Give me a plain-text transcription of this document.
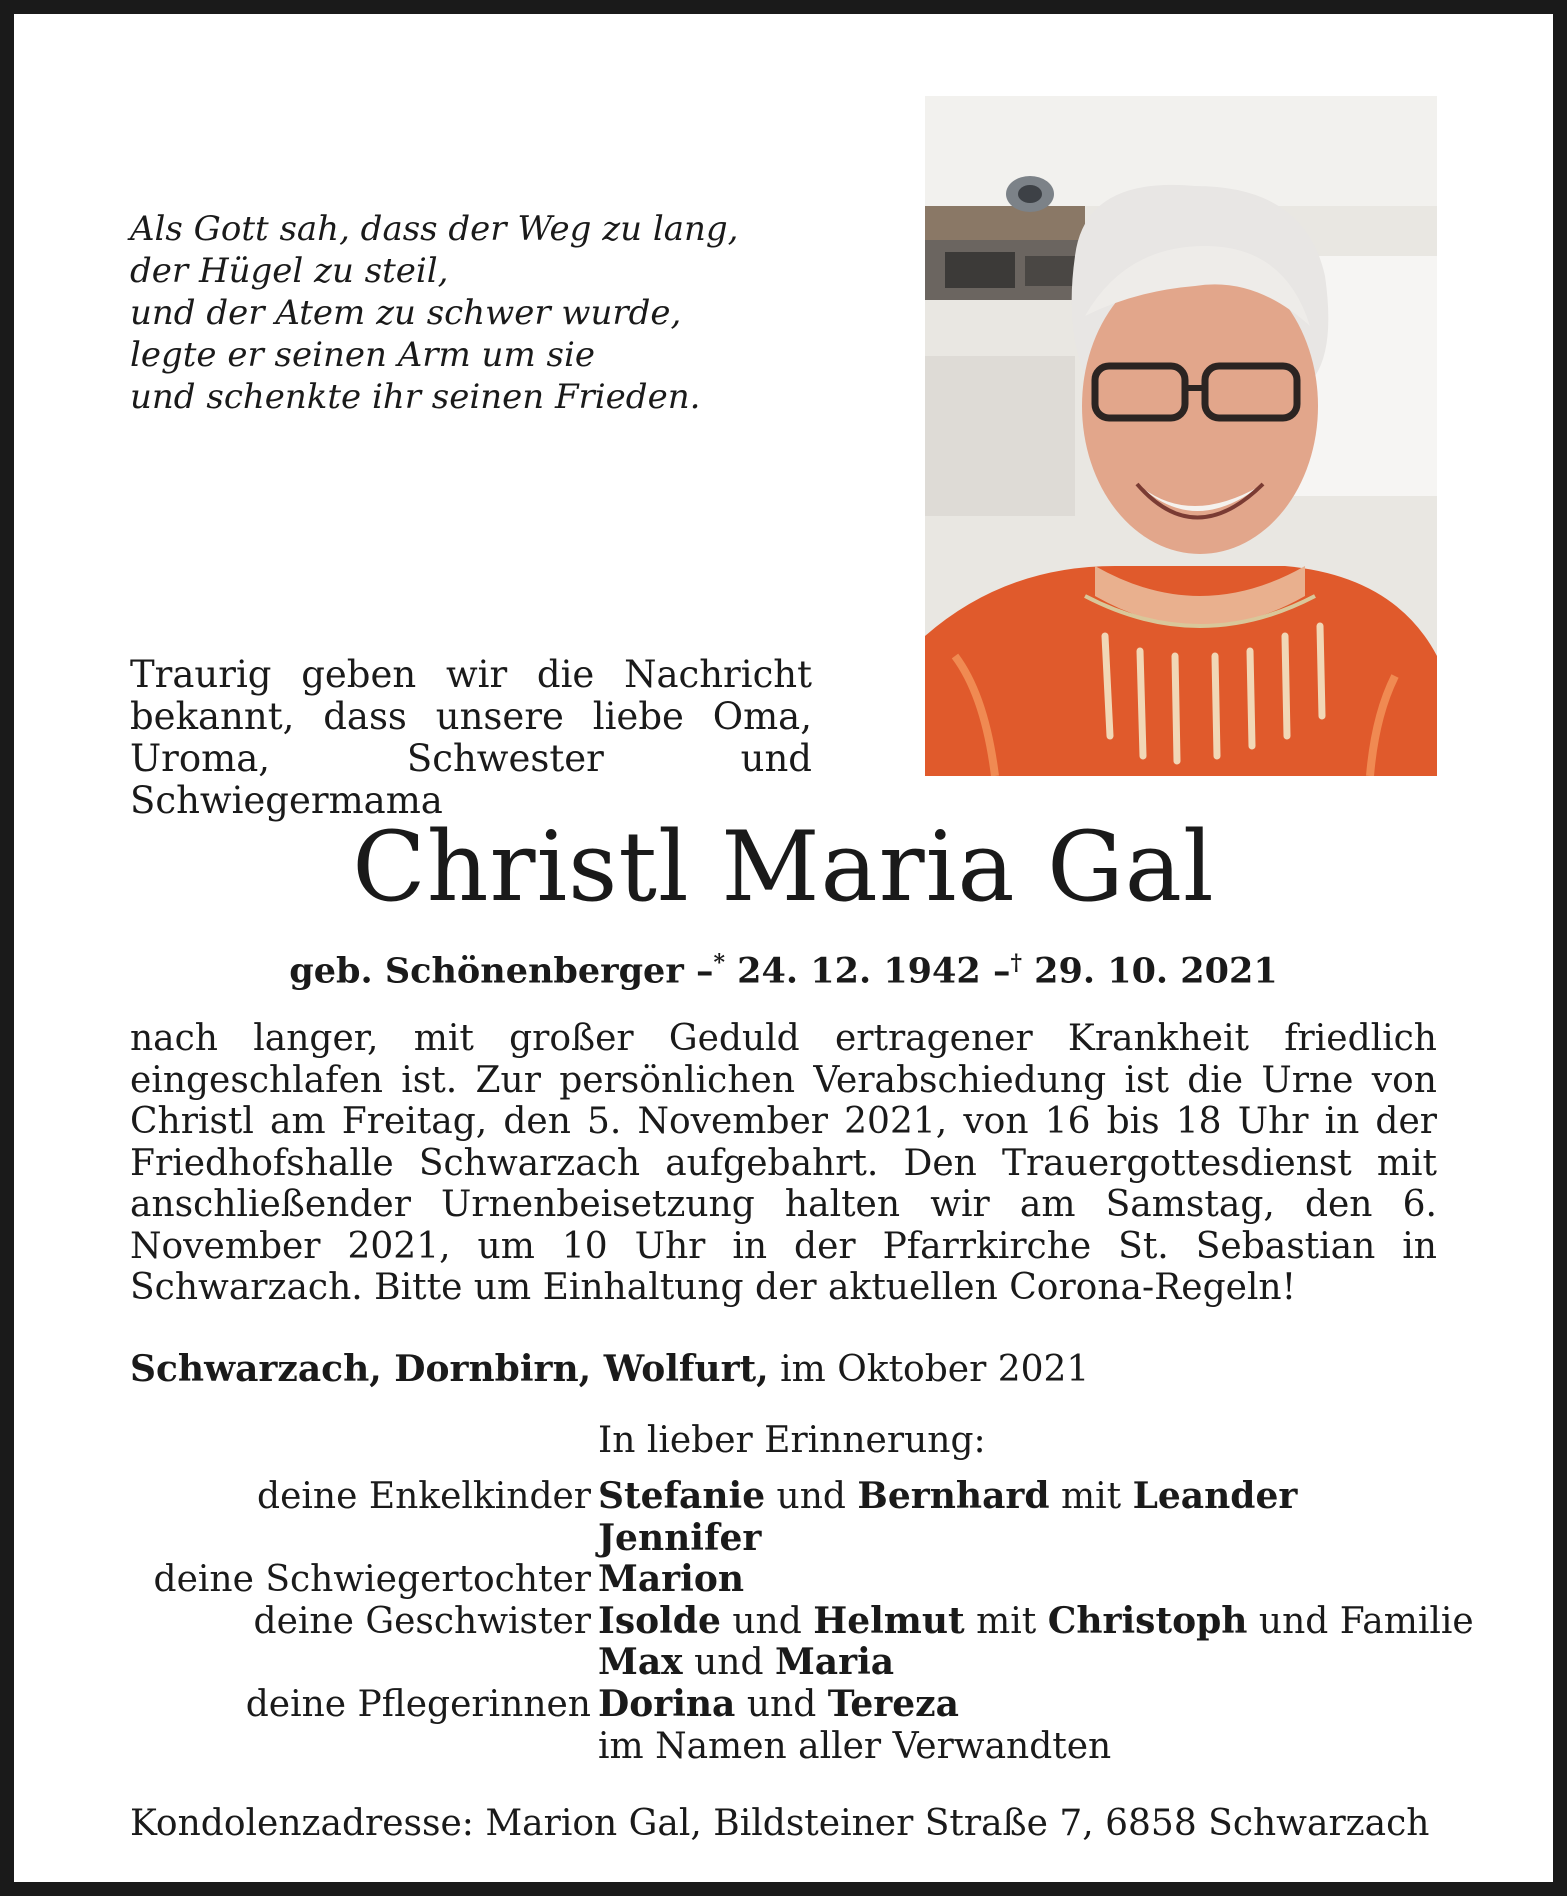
Als Gott sah, dass der Weg zu lang,
der Hügel zu steil,
und der Atem zu schwer wurde,
legte er seinen Arm um sie
und schenkte ihr seinen Frieden.
Traurig geben wir die Nachricht bekannt, dass unsere liebe Oma, Uroma, Schwester und Schwiegermama
Christl Maria Gal
geb. Schönenberger –* 24. 12. 1942 –† 29. 10. 2021
nach langer, mit großer Geduld ertragener Krankheit friedlich eingeschlafen ist. Zur persönlichen Verabschiedung ist die Urne von Christl am Freitag, den 5. November 2021, von 16 bis 18 Uhr in der Friedhofshalle Schwarzach aufgebahrt. Den Trauergottesdienst mit anschließender Urnenbeisetzung halten wir am Samstag, den 6. November 2021, um 10 Uhr in der Pfarrkirche St. Sebastian in Schwarzach. Bitte um Einhaltung der aktuellen Corona-Regeln!
Schwarzach, Dornbirn, Wolfurt, im Oktober 2021
In lieber Erinnerung:
deine Enkelkinder Stefanie und Bernhard mit Leander
Jennifer
deine Schwiegertochter Marion
deine Geschwister Isolde und Helmut mit Christoph und Familie
Max und Maria
deine Pflegerinnen Dorina und Tereza
im Namen aller Verwandten
Kondolenzadresse: Marion Gal, Bildsteiner Straße 7, 6858 Schwarzach
